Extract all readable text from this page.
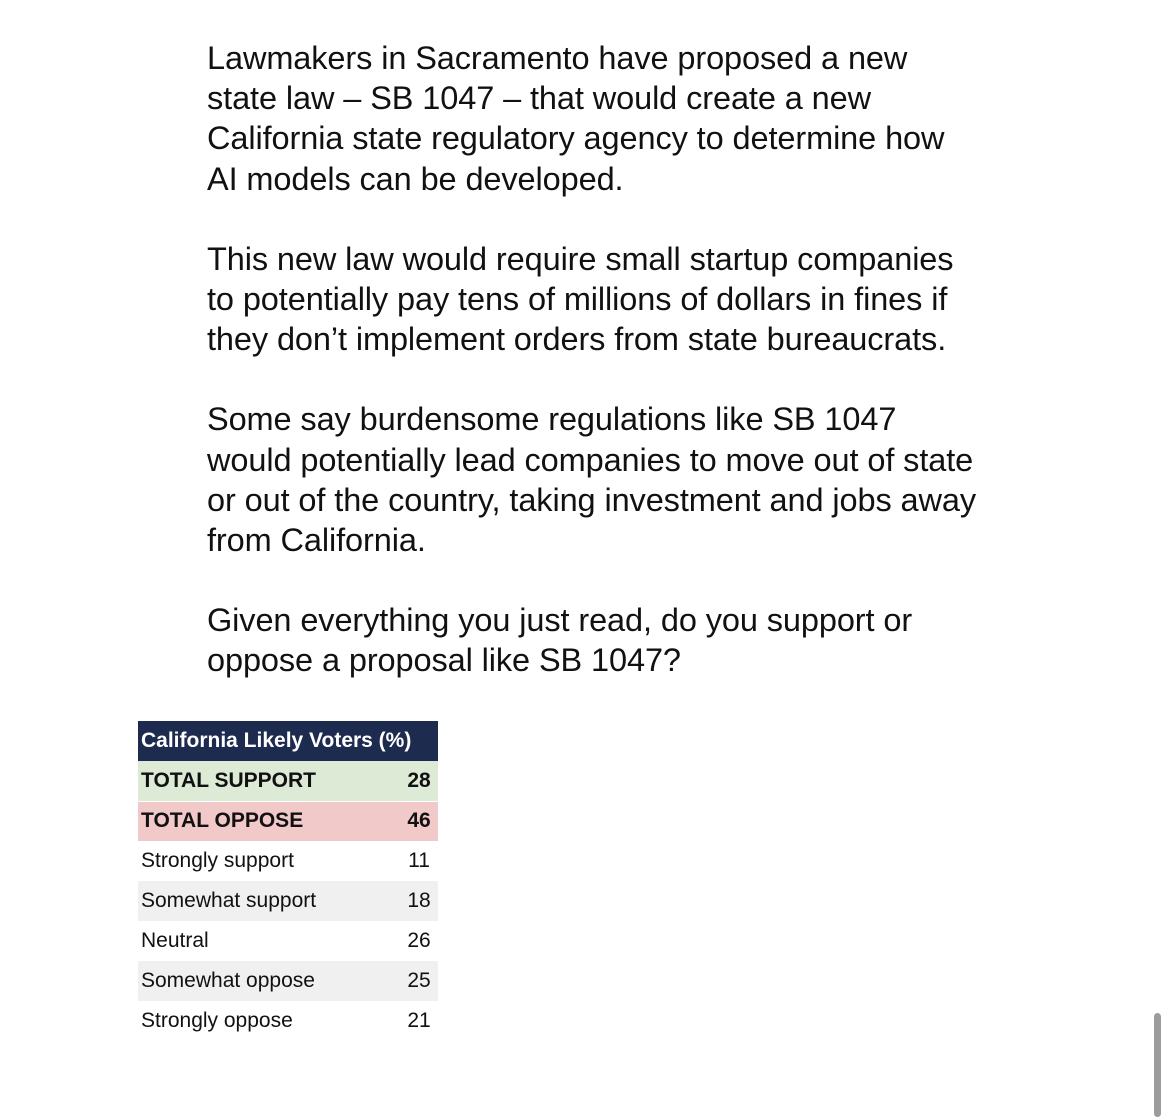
Lawmakers in Sacramento have proposed a new
state law – SB 1047 – that would create a new
California state regulatory agency to determine how
AI models can be developed.

This new law would require small startup companies
to potentially pay tens of millions of dollars in fines if
they don’t implement orders from state bureaucrats.

Some say burdensome regulations like SB 1047
would potentially lead companies to move out of state
or out of the country, taking investment and jobs away
from California.

Given everything you just read, do you support or
oppose a proposal like SB 1047?

California Likely Voters (%)	
TOTAL SUPPORT	28
TOTAL OPPOSE	46
Strongly support	11
Somewhat support	18
Neutral	26
Somewhat oppose	25
Strongly oppose	21
